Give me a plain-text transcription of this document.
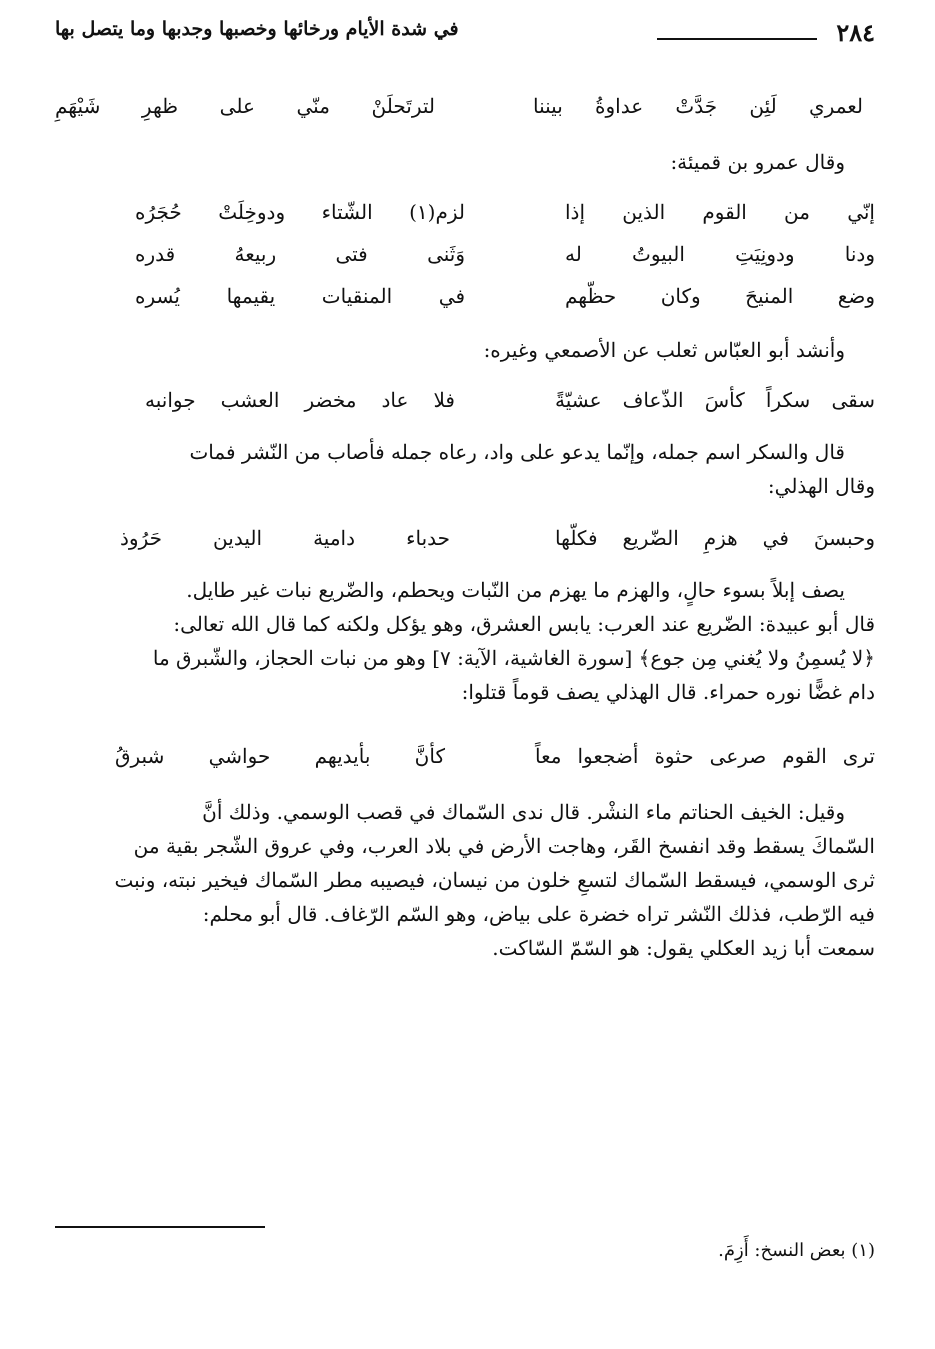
٢٨٤
في شدة الأيام ورخائها وخصبها وجدبها وما يتصل بها
لعمري لَئِن جَدَّتْ عداوةُ بيننا
لترتَحلَنْ منّي على ظهرِ شَيْهَمِ
وقال عمرو بن قميئة:
إنّي من القوم الذين إذا
لزم(١) الشّتاء ودوخِلَتْ حُجَرُه
ودنا ودونِيَتِ البيوتُ له
وَثَنى فتى ربيعهُ قدره
وضع المنيحَ وكان حظّهم
في المنقيات يقيمها يُسره
وأنشد أبو العبّاس ثعلب عن الأصمعي وغيره:
سقى سكراً كأسَ الذّعاف عشيّةً
فلا عاد مخضر العشب جوانبه
قال والسكر اسم جمله، وإنّما يدعو على واد، رعاه جمله فأصاب من النّشر فمات
وقال الهذلي:
وحبسنَ في هزمِ الضّريع فكلّها
حدباء دامية اليدين حَرُوذ
يصف إبلاً بسوء حالٍ، والهزم ما يهزم من النّبات ويحطم، والضّريع نبات غير طايل.
قال أبو عبيدة: الضّريع عند العرب: يابس العشرق، وهو يؤكل ولكنه كما قال الله تعالى:
﴿لا يُسمِنُ ولا يُغني مِن جوع﴾ [سورة الغاشية، الآية: ٧] وهو من نبات الحجاز، والشّبرق ما
دام غضًّا نوره حمراء. قال الهذلي يصف قوماً قتلوا:
ترى القوم صرعى حثوة أضجعوا معاً
كأنَّ بأيديهم حواشي شبرقُ
وقيل: الخيف الحناتم ماء النشْر. قال ندى السّماك في قصب الوسمي. وذلك أنَّ
السّماكَ يسقط وقد انفسخ القَر، وهاجت الأرض في بلاد العرب، وفي عروق الشّجر بقية من
ثرى الوسمي، فيسقط السّماك لتسعِ خلون من نيسان، فيصيبه مطر السّماك فيخير نبته، ونبت
فيه الرّطب، فذلك النّشر تراه خضرة على بياض، وهو السّم الرّغاف. قال أبو محلم:
سمعت أبا زيد العكلي يقول: هو السّمّ السّاكت.
(١) بعض النسخ: أَزِمَ.
